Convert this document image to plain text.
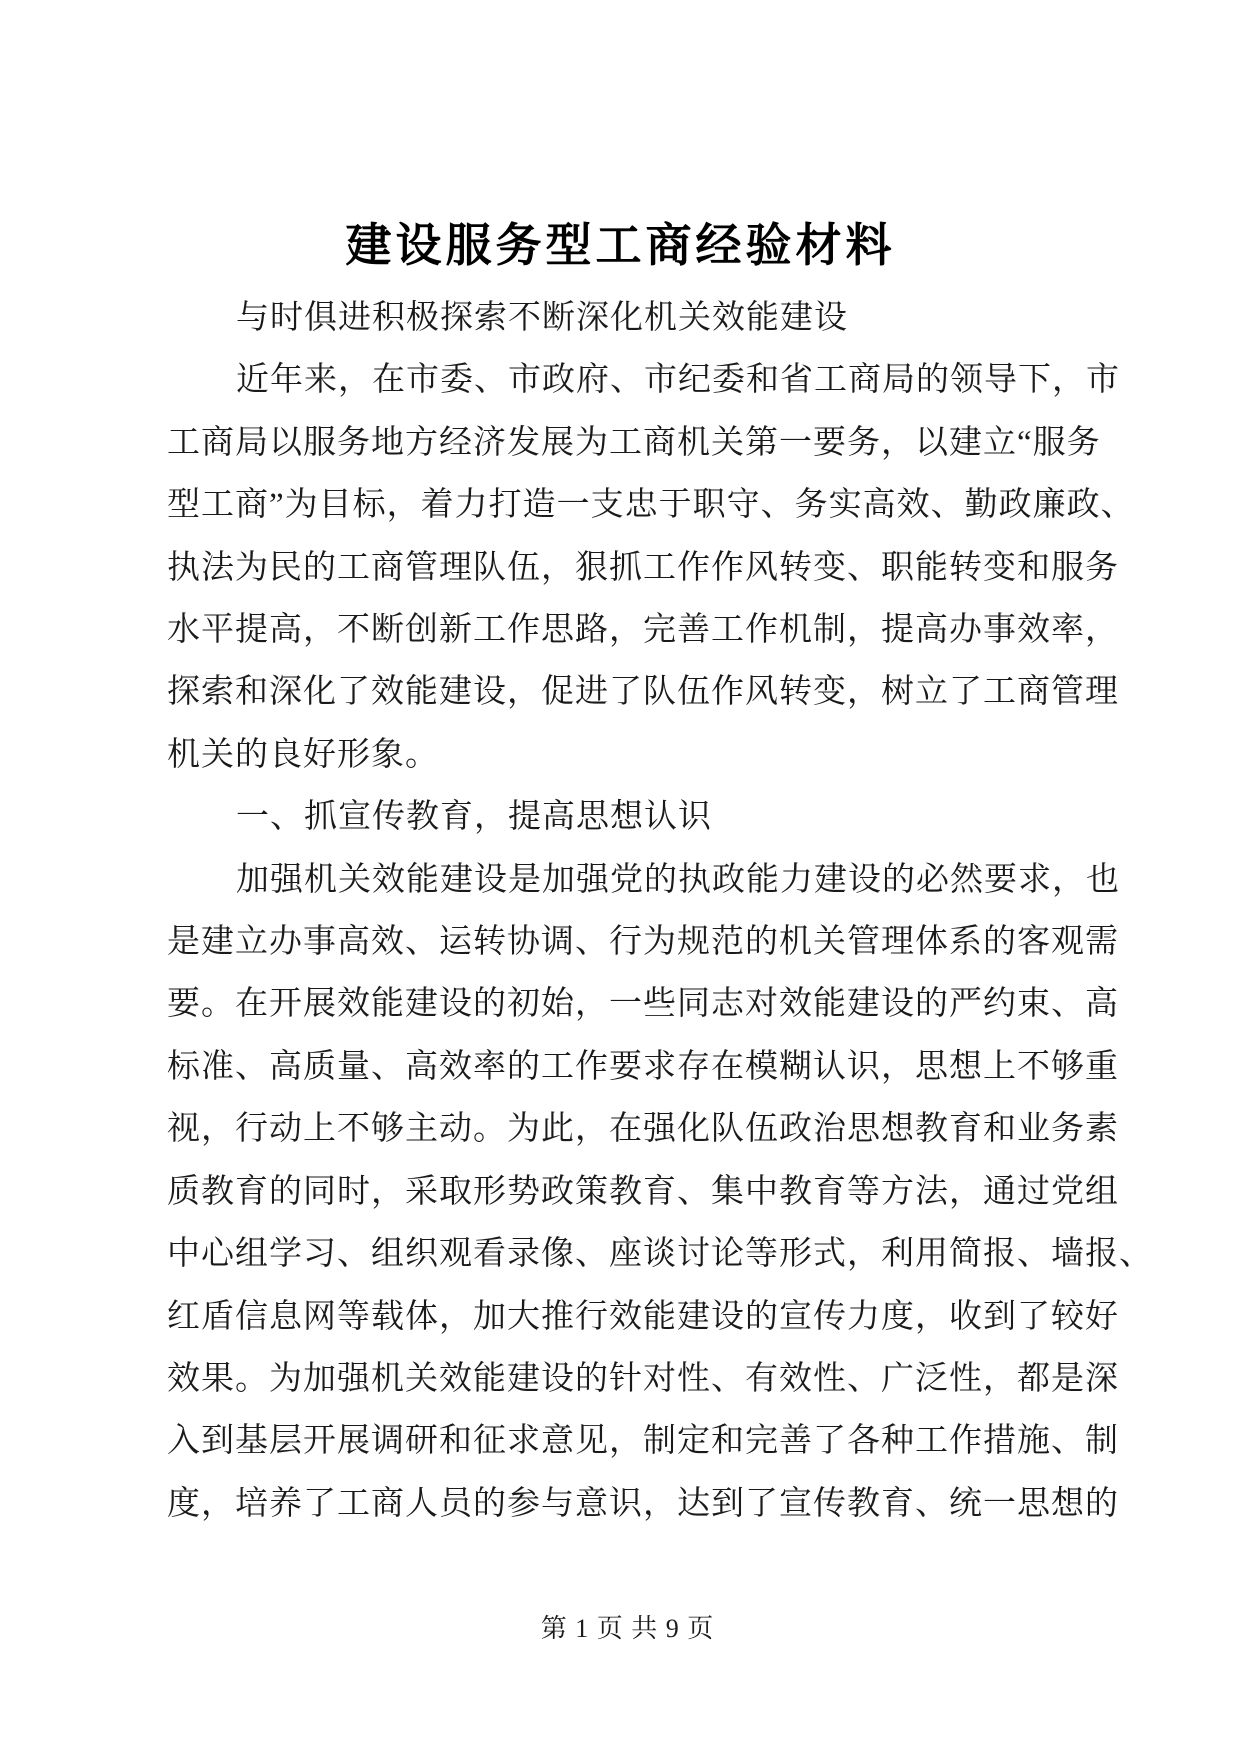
建设服务型工商经验材料
与时俱进积极探索不断深化机关效能建设
近年来，在市委、市政府、市纪委和省工商局的领导下，市
工商局以服务地方经济发展为工商机关第一要务，以建立“服务
型工商”为目标，着力打造一支忠于职守、务实高效、勤政廉政、
执法为民的工商管理队伍，狠抓工作作风转变、职能转变和服务
水平提高，不断创新工作思路，完善工作机制，提高办事效率，
探索和深化了效能建设，促进了队伍作风转变，树立了工商管理
机关的良好形象。
一、抓宣传教育，提高思想认识
加强机关效能建设是加强党的执政能力建设的必然要求，也
是建立办事高效、运转协调、行为规范的机关管理体系的客观需
要。在开展效能建设的初始，一些同志对效能建设的严约束、高
标准、高质量、高效率的工作要求存在模糊认识，思想上不够重
视，行动上不够主动。为此，在强化队伍政治思想教育和业务素
质教育的同时，采取形势政策教育、集中教育等方法，通过党组
中心组学习、组织观看录像、座谈讨论等形式，利用简报、墙报、
红盾信息网等载体，加大推行效能建设的宣传力度，收到了较好
效果。为加强机关效能建设的针对性、有效性、广泛性，都是深
入到基层开展调研和征求意见，制定和完善了各种工作措施、制
度，培养了工商人员的参与意识，达到了宣传教育、统一思想的
第 1 页 共 9 页
